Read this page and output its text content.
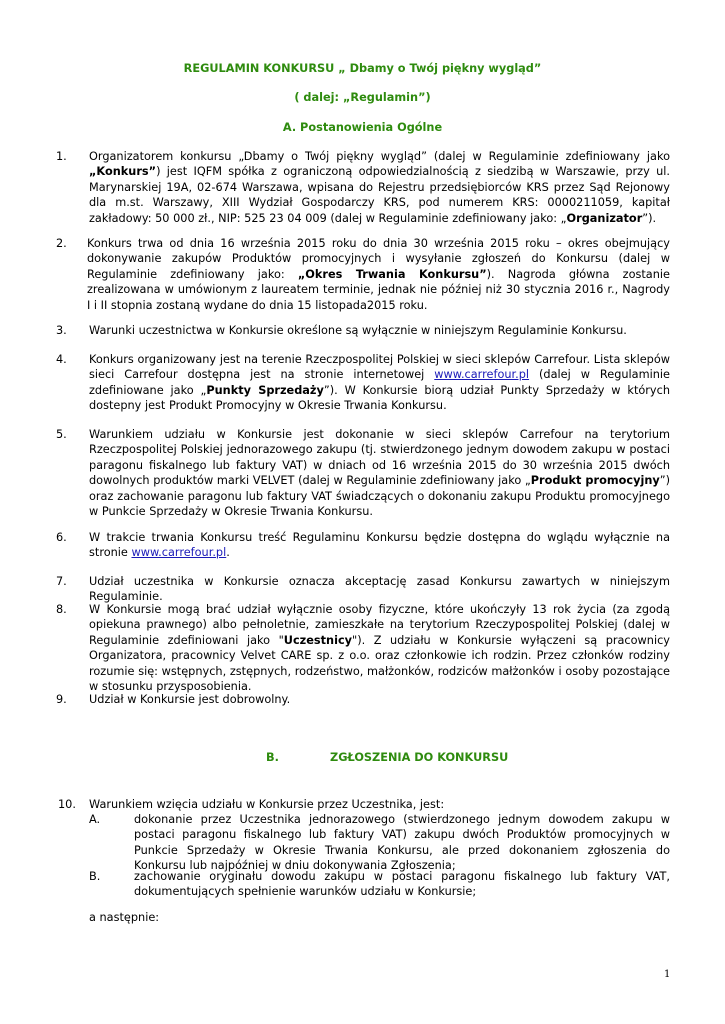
REGULAMIN KONKURSU „ Dbamy o Twój piękny wygląd”
( dalej: „Regulamin”)
A. Postanowienia Ogólne
1. Organizatorem konkursu „Dbamy o Twój piękny wygląd” (dalej w Regulaminie zdefiniowany jako „Konkurs”) jest IQFM spółka z ograniczoną odpowiedzialnością z siedzibą w Warszawie, przy ul. Marynarskiej 19A, 02-674 Warszawa, wpisana do Rejestru przedsiębiorców KRS przez Sąd Rejonowy dla m.st. Warszawy, XIII Wydział Gospodarczy KRS, pod numerem KRS: 0000211059, kapitał zakładowy: 50 000 zł., NIP: 525 23 04 009 (dalej w Regulaminie zdefiniowany jako: „Organizator”).
2. Konkurs trwa od dnia 16 września 2015 roku do dnia 30 września 2015 roku – okres obejmujący dokonywanie zakupów Produktów promocyjnych i wysyłanie zgłoszeń do Konkursu (dalej w Regulaminie zdefiniowany jako: „Okres Trwania Konkursu”). Nagroda główna zostanie zrealizowana w umówionym z laureatem terminie, jednak nie później niż 30 stycznia 2016 r., Nagrody I i II stopnia zostaną wydane do dnia 15 listopada2015 roku.
3. Warunki uczestnictwa w Konkursie określone są wyłącznie w niniejszym Regulaminie Konkursu.
4. Konkurs organizowany jest na terenie Rzeczpospolitej Polskiej w sieci sklepów Carrefour. Lista sklepów sieci Carrefour dostępna jest na stronie internetowej www.carrefour.pl (dalej w Regulaminie zdefiniowane jako „Punkty Sprzedaży”). W Konkursie biorą udział Punkty Sprzedaży w których dostepny jest Produkt Promocyjny w Okresie Trwania Konkursu.
5. Warunkiem udziału w Konkursie jest dokonanie w sieci sklepów Carrefour na terytorium Rzeczpospolitej Polskiej jednorazowego zakupu (tj. stwierdzonego jednym dowodem zakupu w postaci paragonu fiskalnego lub faktury VAT) w dniach od 16 września 2015 do 30 września 2015 dwóch dowolnych produktów marki VELVET (dalej w Regulaminie zdefiniowany jako „Produkt promocyjny”) oraz zachowanie paragonu lub faktury VAT świadczących o dokonaniu zakupu Produktu promocyjnego w Punkcie Sprzedaży w Okresie Trwania Konkursu.
6. W trakcie trwania Konkursu treść Regulaminu Konkursu będzie dostępna do wglądu wyłącznie na stronie www.carrefour.pl.
7. Udział uczestnika w Konkursie oznacza akceptację zasad Konkursu zawartych w niniejszym Regulaminie.
8. W Konkursie mogą brać udział wyłącznie osoby fizyczne, które ukończyły 13 rok życia (za zgodą opiekuna prawnego) albo pełnoletnie, zamieszkałe na terytorium Rzeczypospolitej Polskiej (dalej w Regulaminie zdefiniowani jako "Uczestnicy"). Z udziału w Konkursie wyłączeni są pracownicy Organizatora, pracownicy Velvet CARE sp. z o.o. oraz członkowie ich rodzin. Przez członków rodziny rozumie się: wstępnych, zstępnych, rodzeństwo, małżonków, rodziców małżonków i osoby pozostające w stosunku przysposobienia.
9. Udział w Konkursie jest dobrowolny.
B.	ZGŁOSZENIA DO KONKURSU
10. Warunkiem wzięcia udziału w Konkursie przez Uczestnika, jest:
A.	dokonanie przez Uczestnika jednorazowego (stwierdzonego jednym dowodem zakupu w postaci paragonu fiskalnego lub faktury VAT) zakupu dwóch Produktów promocyjnych w Punkcie Sprzedaży w Okresie Trwania Konkursu, ale przed dokonaniem zgłoszenia do Konkursu lub najpóźniej w dniu dokonywania Zgłoszenia;
B.	zachowanie oryginału dowodu zakupu w postaci paragonu fiskalnego lub faktury VAT, dokumentujących spełnienie warunków udziału w Konkursie;
a następnie:
1
